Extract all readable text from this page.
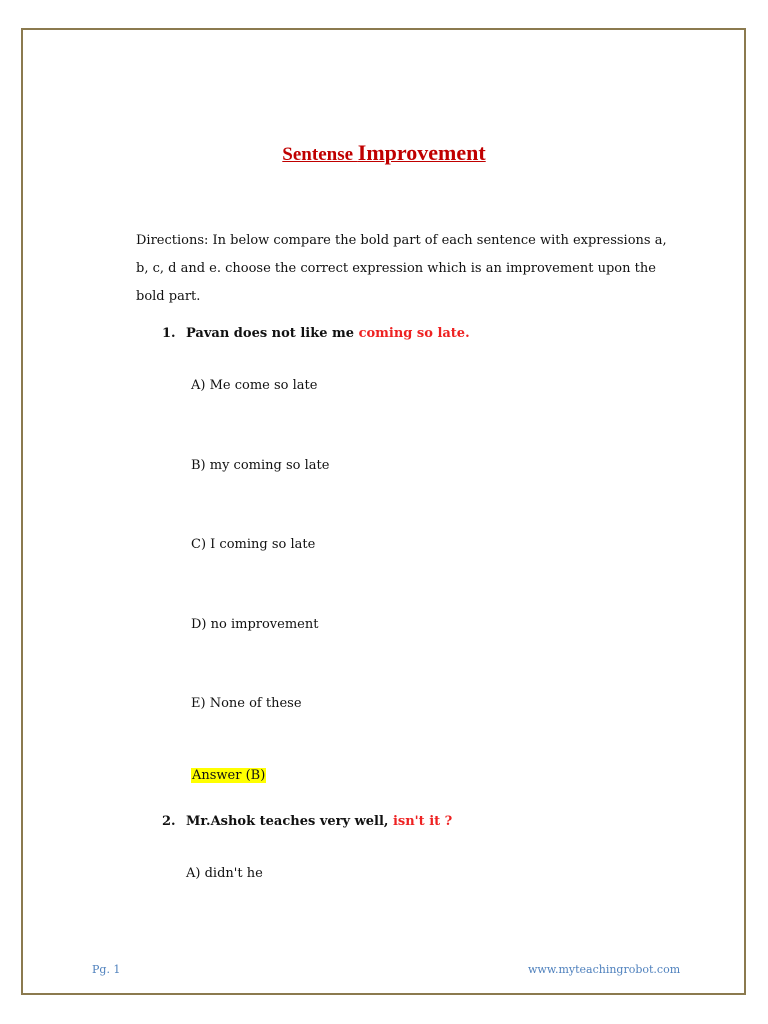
Sentense Improvement
Directions: In below compare the bold part of each sentence with expressions a, b, c, d and e. choose the correct expression which is an improvement upon the bold part.
1. Pavan does not like me coming so late.
A) Me come so late
B) my coming so late
C) I coming so late
D) no improvement
E) None of these
Answer (B)
2. Mr.Ashok teaches very well, isn't it ?
A) didn't he
Pg. 1	www.myteachingrobot.com
